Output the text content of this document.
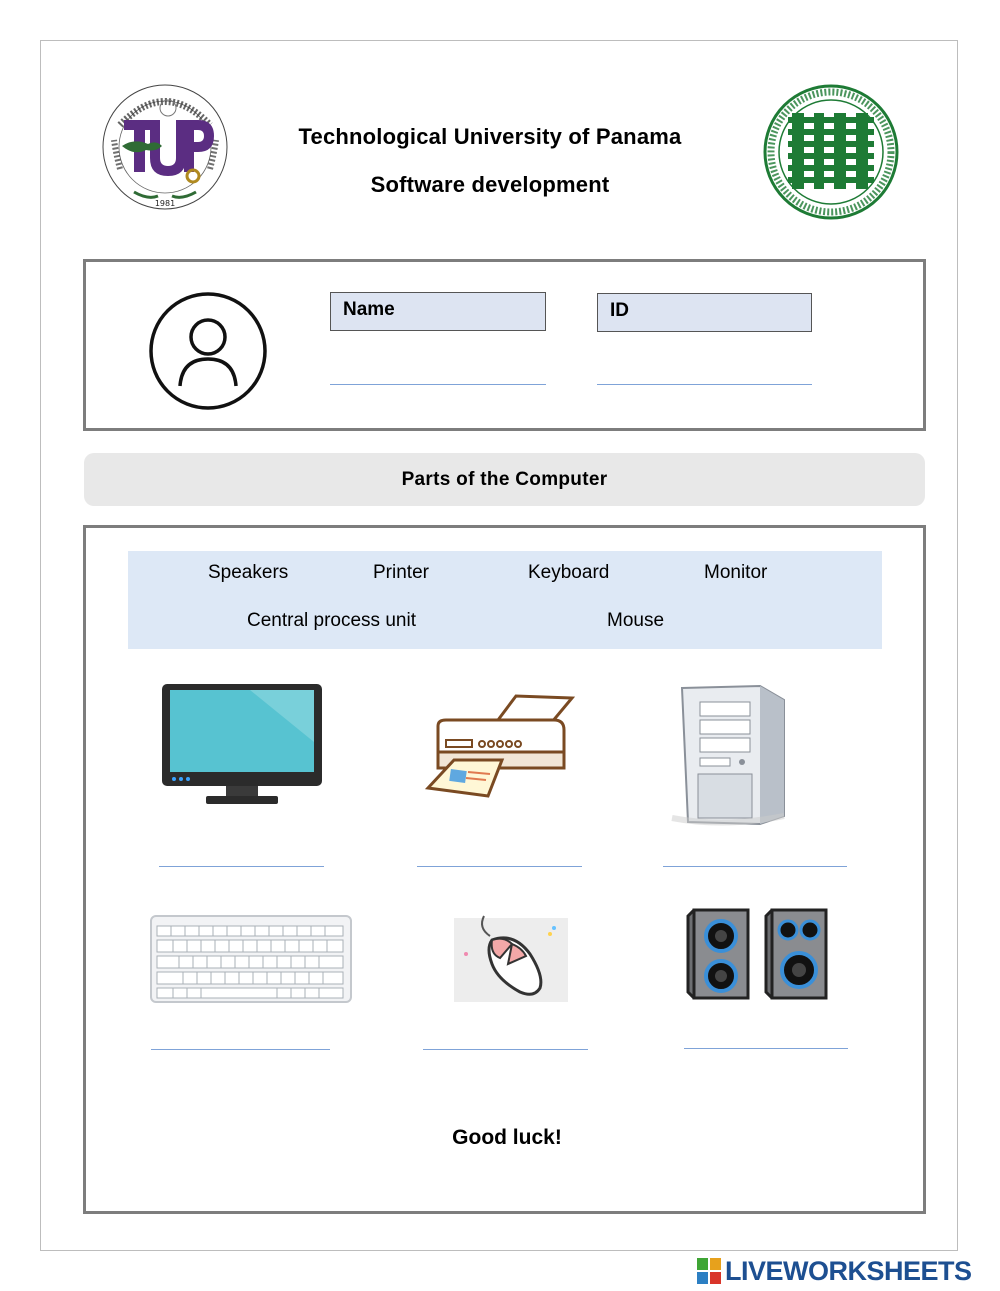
1981
Technological University of Panama
Software development
Name	ID
Parts of the Computer
Speakers	Printer	Keyboard	Monitor
Central process unit	Mouse
Good luck!
LIVEWORKSHEETS
